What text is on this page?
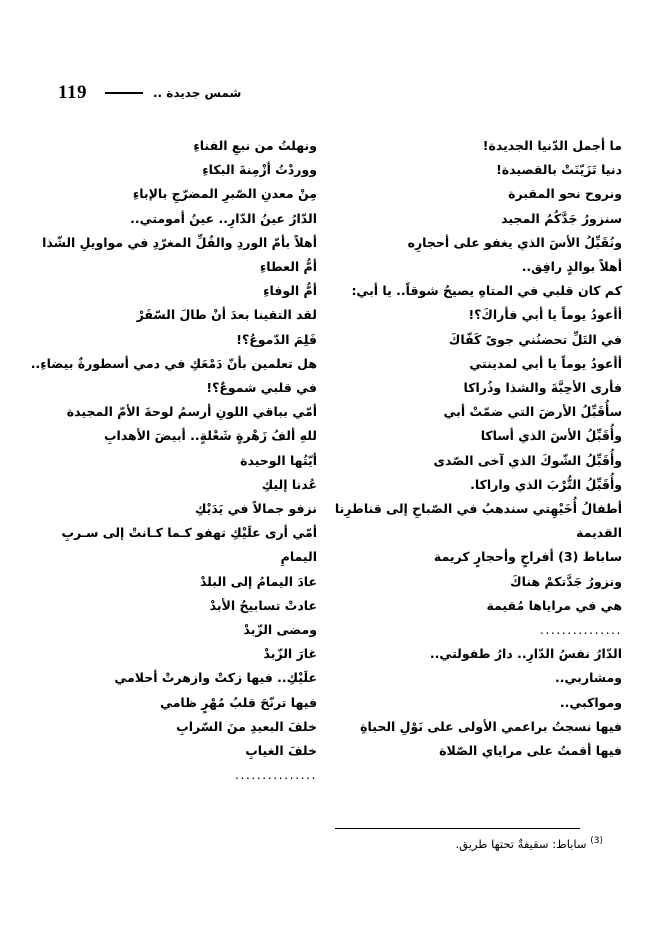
119	شمس جديدة ..
ما أجمل الدّنيا الجديدة!
دنيا تَزَيّنَتْ بالقصيدة!
ونروح نحو المقبرة
سنزورُ جَدَّكُمُ المجيد
ونُقَبِّلُ الأسَ الذي يغفو على أحجارِه
أهلاً بوالدٍ رافِق..
كم كان قلبي في المتاهِ يصيحُ شوقاً.. يا أبي:
أأعودُ يوماً يا أبي فأراكَ؟!
في التَلِّ تحضنُني جوىً كَفّاكَ
أأعودُ يوماً يا أبي لمدينتي
فأرى الأحِبَّةَ والشذا وذُراكا
سأُقَبِّلُ الأرضَ التي ضمّتْ أبي
وأُقَبِّلُ الأسَ الذي أساكا
وأُقَبِّلُ الشّوكَ الذي آخى الصّدى
وأُقَبِّلُ التُّرْبَ الذي واراكا.
أطفالُ أُخَيْهِتي سندهبُ في الصّباحِ إلى قناطرِنا
القديمة
ساباط (3) أفراحٍ وأحجارٍ كريمة
ونزورُ جَدَّتكمْ هناكَ
هي في مراياها مُقيمة
...............
الدّارُ نفسُ الدّارِ.. دارُ طفولتي..
ومشاربي..
ومواكبي..
فيها نسجتُ براعمي الأولى على نَوْلِ الحياةِ
فيها أقمتُ على مراياي الصّلاة
ونهلتُ من نبعِ الفناءِ
ووردْتُ أزْمِنةَ البكاءِ
مِنْ معدنِ الصّبرِ المضرّجِ بالإباءِ
الدّارُ عينُ الدّارِ.. عينُ أمومتي..
أهلاً بأمّ الوردِ والفُلِّ المغرّدِ في مواويلِ الشّذا
أمُّ العطاءِ
أمُّ الوفاءِ
لقد التقينا بعدَ أنْ طالَ السّفَرْ
فَلِمَ الدّموعُ؟!
هل تعلمين بأنّ دَمْعَكِ في دمي أسطورةٌ بيضاءِ..
في قلبي شموعٌ؟!
أمّي بباقي اللونِ أرسمُ لوحةَ الأمّ المجيدة
للهِ ألفُ زَهْرةٍ شَعْلةٍ.. أبيضَ الأهدابِ
أيّتُها الوحيدة
عُدنا إليكِ
نزفو جمالاً في يَدَيْكِ
أمّي أرى علَيْكِ تهفو كـما كـانتْ إلى سـربِ
اليمامِ
عادَ اليمامُ إلى البلدْ
عادتْ تسابيحُ الأبدْ
ومضى الزّبدْ
غارَ الزّبدْ
علَيْكِ.. فيها زكتْ وازهرتْ أحلامي
فيها ترنّحَ قلبُ مُهْرٍ ظامي
خلفَ البعيدِ منَ السّرابِ
خلفَ الغيابِ
...............
$^{(3)}$ ساباط: سقيفةٌ تحتها طريق.
